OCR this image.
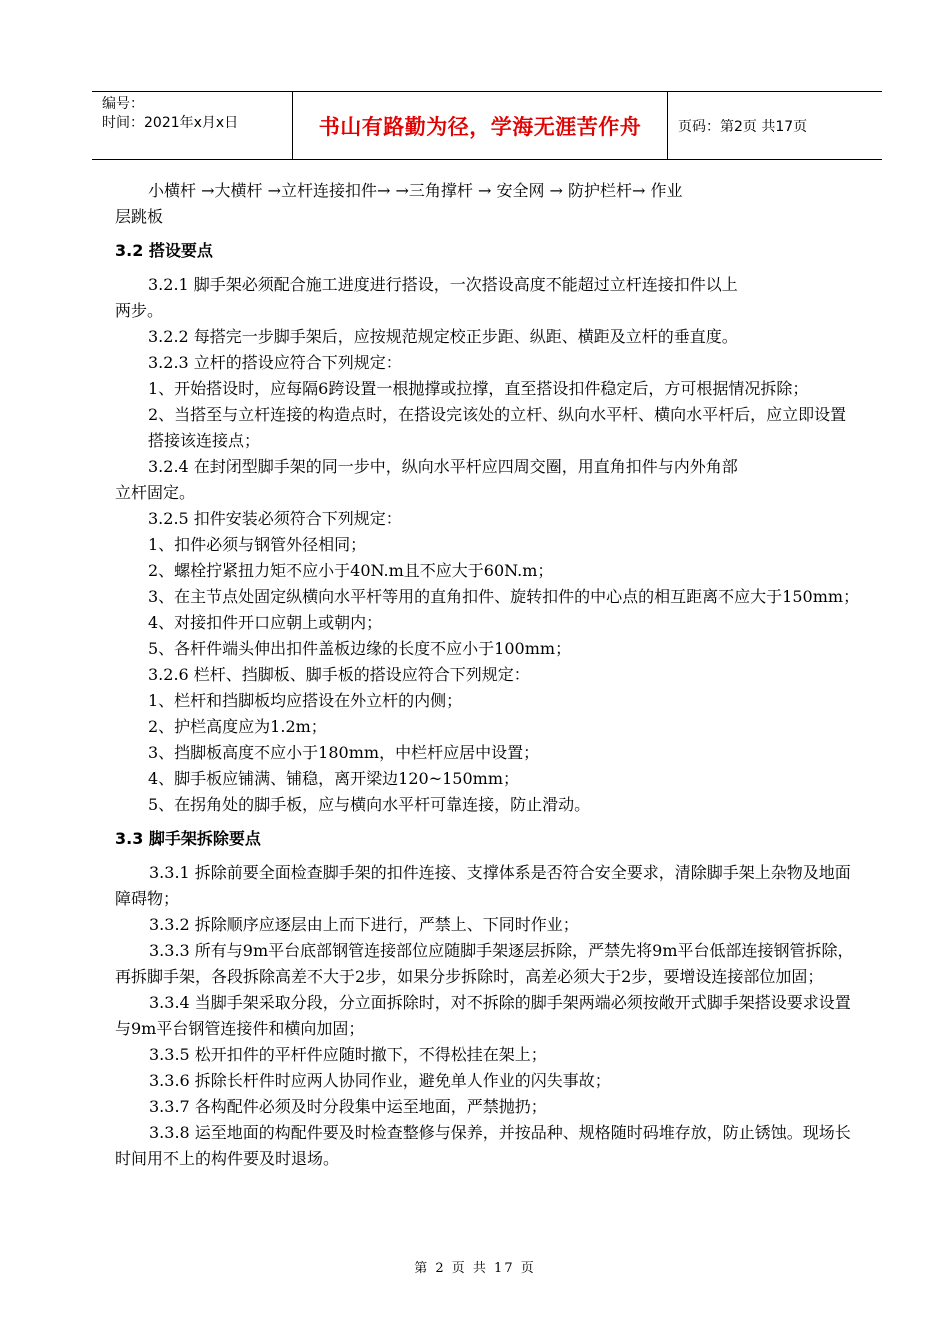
编号：
时间：2021年x月x日	书山有路勤为径，学海无涯苦作舟	页码：第2页 共17页

小横杆 →大横杆 →立杆连接扣件→ →三角撑杆 → 安全网 → 防护栏杆→ 作业

层跳板

3.2 搭设要点

3.2.1 脚手架必须配合施工进度进行搭设，一次搭设高度不能超过立杆连接扣件以上

两步。

3.2.2 每搭完一步脚手架后，应按规范规定校正步距、纵距、横距及立杆的垂直度。

3.2.3 立杆的搭设应符合下列规定：

1、开始搭设时，应每隔6跨设置一根抛撑或拉撑，直至搭设扣件稳定后，方可根据情况拆除；

2、当搭至与立杆连接的构造点时，在搭设完该处的立杆、纵向水平杆、横向水平杆后，应立即设置搭接该连接点；

3.2.4 在封闭型脚手架的同一步中，纵向水平杆应四周交圈，用直角扣件与内外角部

立杆固定。

3.2.5 扣件安装必须符合下列规定：

1、扣件必须与钢管外径相同；

2、螺栓拧紧扭力矩不应小于40N.m且不应大于60N.m；

3、在主节点处固定纵横向水平杆等用的直角扣件、旋转扣件的中心点的相互距离不应大于150mm；

4、对接扣件开口应朝上或朝内；

5、各杆件端头伸出扣件盖板边缘的长度不应小于100mm；

3.2.6 栏杆、挡脚板、脚手板的搭设应符合下列规定：

1、栏杆和挡脚板均应搭设在外立杆的内侧；

2、护栏高度应为1.2m；

3、挡脚板高度不应小于180mm，中栏杆应居中设置；

4、脚手板应铺满、铺稳，离开梁边120~150mm；

5、在拐角处的脚手板，应与横向水平杆可靠连接，防止滑动。

3.3 脚手架拆除要点

3.3.1 拆除前要全面检查脚手架的扣件连接、支撑体系是否符合安全要求，清除脚手架上杂物及地面障碍物；

3.3.2 拆除顺序应逐层由上而下进行，严禁上、下同时作业；

3.3.3 所有与9m平台底部钢管连接部位应随脚手架逐层拆除，严禁先将9m平台低部连接钢管拆除，再拆脚手架，各段拆除高差不大于2步，如果分步拆除时，高差必须大于2步，要增设连接部位加固；

3.3.4 当脚手架采取分段，分立面拆除时，对不拆除的脚手架两端必须按敞开式脚手架搭设要求设置与9m平台钢管连接件和横向加固；

3.3.5 松开扣件的平杆件应随时撤下，不得松挂在架上；

3.3.6 拆除长杆件时应两人协同作业，避免单人作业的闪失事故；

3.3.7 各构配件必须及时分段集中运至地面，严禁抛扔；

3.3.8 运至地面的构配件要及时检查整修与保养，并按品种、规格随时码堆存放，防止锈蚀。现场长时间用不上的构件要及时退场。

第 2 页 共 17 页
